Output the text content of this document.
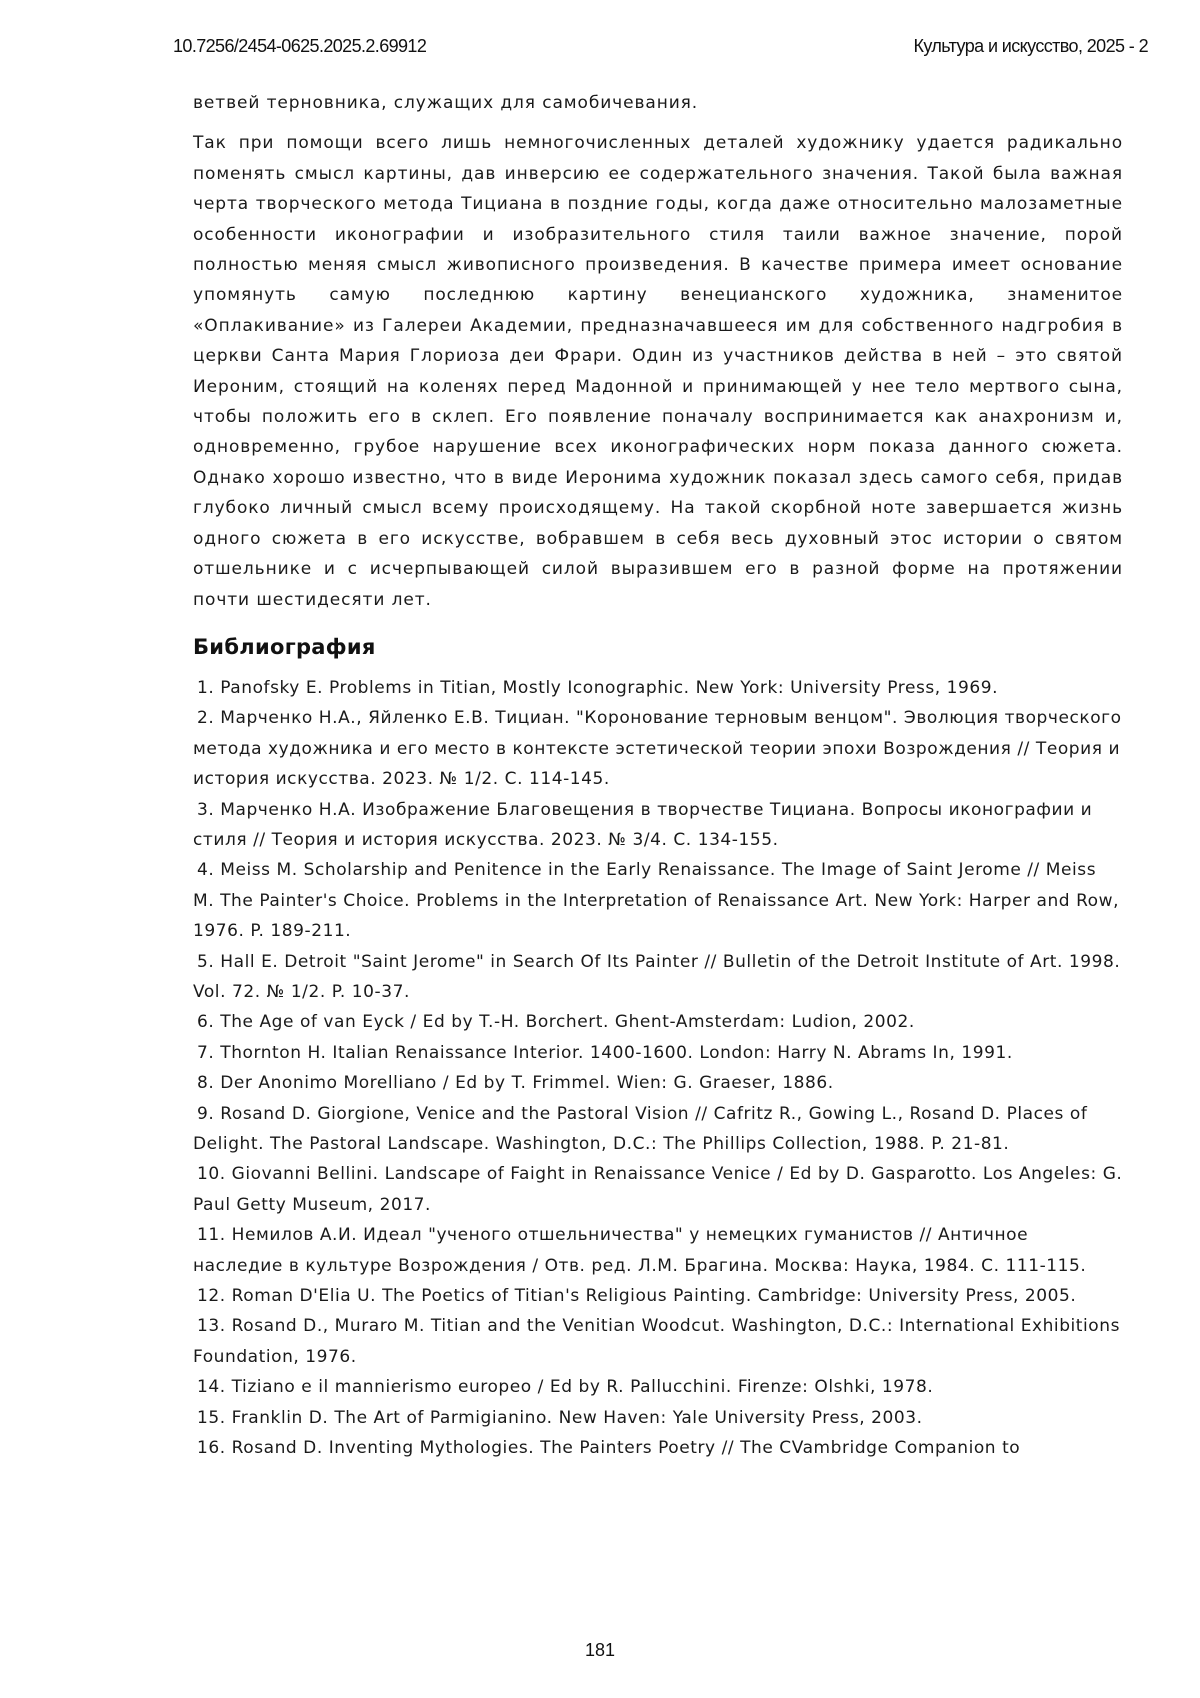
10.7256/2454-0625.2025.2.69912	Культура и искусство, 2025 - 2

ветвей терновника, служащих для самобичевания.

Так при помощи всего лишь немногочисленных деталей художнику удается радикально поменять смысл картины, дав инверсию ее содержательного значения. Такой была важная черта творческого метода Тициана в поздние годы, когда даже относительно малозаметные особенности иконографии и изобразительного стиля таили важное значение, порой полностью меняя смысл живописного произведения. В качестве примера имеет основание упомянуть самую последнюю картину венецианского художника, знаменитое «Оплакивание» из Галереи Академии, предназначавшееся им для собственного надгробия в церкви Санта Мария Глориоза деи Фрари. Один из участников действа в ней – это святой Иероним, стоящий на коленях перед Мадонной и принимающей у нее тело мертвого сына, чтобы положить его в склеп. Его появление поначалу воспринимается как анахронизм и, одновременно, грубое нарушение всех иконографических норм показа данного сюжета. Однако хорошо известно, что в виде Иеронима художник показал здесь самого себя, придав глубоко личный смысл всему происходящему. На такой скорбной ноте завершается жизнь одного сюжета в его искусстве, вобравшем в себя весь духовный этос истории о святом отшельнике и с исчерпывающей силой выразившем его в разной форме на протяжении почти шестидесяти лет.

Библиография
1. Panofsky E. Problems in Titian, Mostly Iconographic. New York: University Press, 1969.
2. Марченко Н.А., Яйленко Е.В. Тициан. "Коронование терновым венцом". Эволюция творческого метода художника и его место в контексте эстетической теории эпохи Возрождения // Теория и история искусства. 2023. № 1/2. С. 114-145.
3. Марченко Н.А. Изображение Благовещения в творчестве Тициана. Вопросы иконографии и стиля // Теория и история искусства. 2023. № 3/4. С. 134-155.
4. Meiss M. Scholarship and Penitence in the Early Renaissance. The Image of Saint Jerome // Meiss M. The Painter's Choice. Problems in the Interpretation of Renaissance Art. New York: Harper and Row, 1976. P. 189-211.
5. Hall E. Detroit "Saint Jerome" in Search Of Its Painter // Bulletin of the Detroit Institute of Art. 1998. Vol. 72. № 1/2. P. 10-37.
6. The Age of van Eyck / Ed by T.-H. Borchert. Ghent-Amsterdam: Ludion, 2002.
7. Thornton H. Italian Renaissance Interior. 1400-1600. London: Harry N. Abrams In, 1991.
8. Der Anonimo Morelliano / Ed by T. Frimmel. Wien: G. Graeser, 1886.
9. Rosand D. Giorgione, Venice and the Pastoral Vision // Cafritz R., Gowing L., Rosand D. Places of Delight. The Pastoral Landscape. Washington, D.C.: The Phillips Collection, 1988. P. 21-81.
10. Giovanni Bellini. Landscape of Faight in Renaissance Venice / Ed by D. Gasparotto. Los Angeles: G. Paul Getty Museum, 2017.
11. Немилов А.И. Идеал "ученого отшельничества" у немецких гуманистов // Античное наследие в культуре Возрождения / Отв. ред. Л.М. Брагина. Москва: Наука, 1984. С. 111-115.
12. Roman D'Elia U. The Poetics of Titian's Religious Painting. Cambridge: University Press, 2005.
13. Rosand D., Muraro M. Titian and the Venitian Woodcut. Washington, D.C.: International Exhibitions Foundation, 1976.
14. Tiziano e il mannierismo europeo / Ed by R. Pallucchini. Firenze: Olshki, 1978.
15. Franklin D. The Art of Parmigianino. New Haven: Yale University Press, 2003.
16. Rosand D. Inventing Mythologies. The Painters Poetry // The CVambridge Companion to
181
